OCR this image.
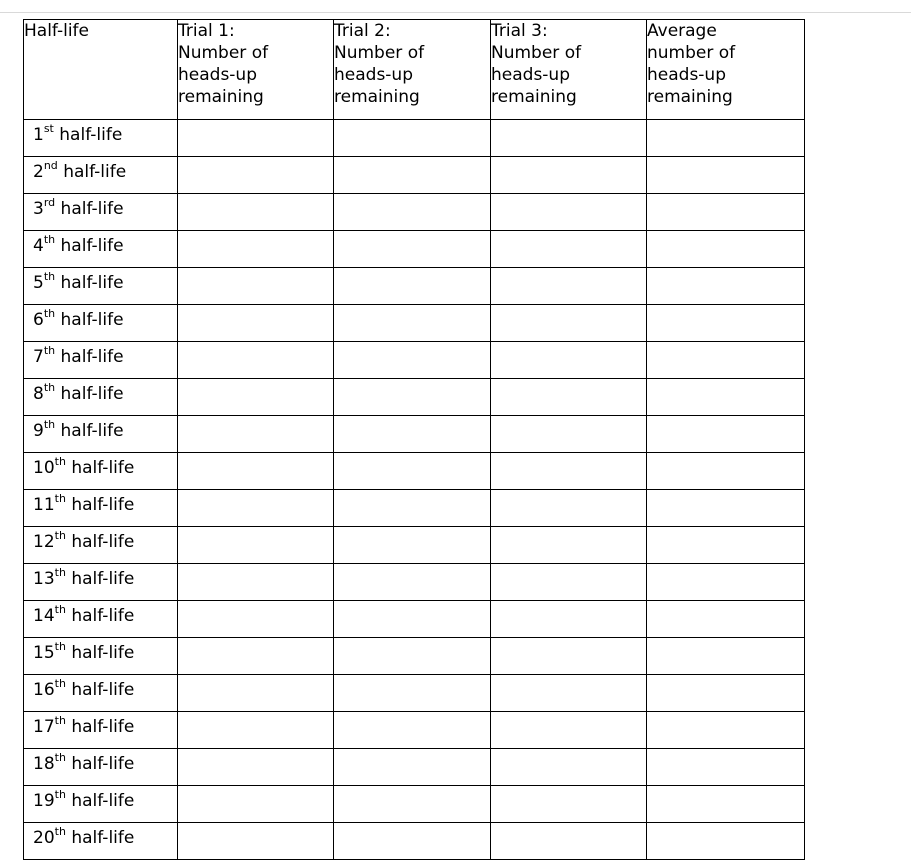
Half-life	Trial 1:
Number of
heads-up
remaining	Trial 2:
Number of
heads-up
remaining	Trial 3:
Number of
heads-up
remaining	Average
number of
heads-up
remaining

1st half-life				
2nd half-life				
3rd half-life				
4th half-life				
5th half-life				
6th half-life				
7th half-life				
8th half-life				
9th half-life				
10th half-life				
11th half-life				
12th half-life				
13th half-life				
14th half-life				
15th half-life				
16th half-life				
17th half-life				
18th half-life				
19th half-life				
20th half-life				
